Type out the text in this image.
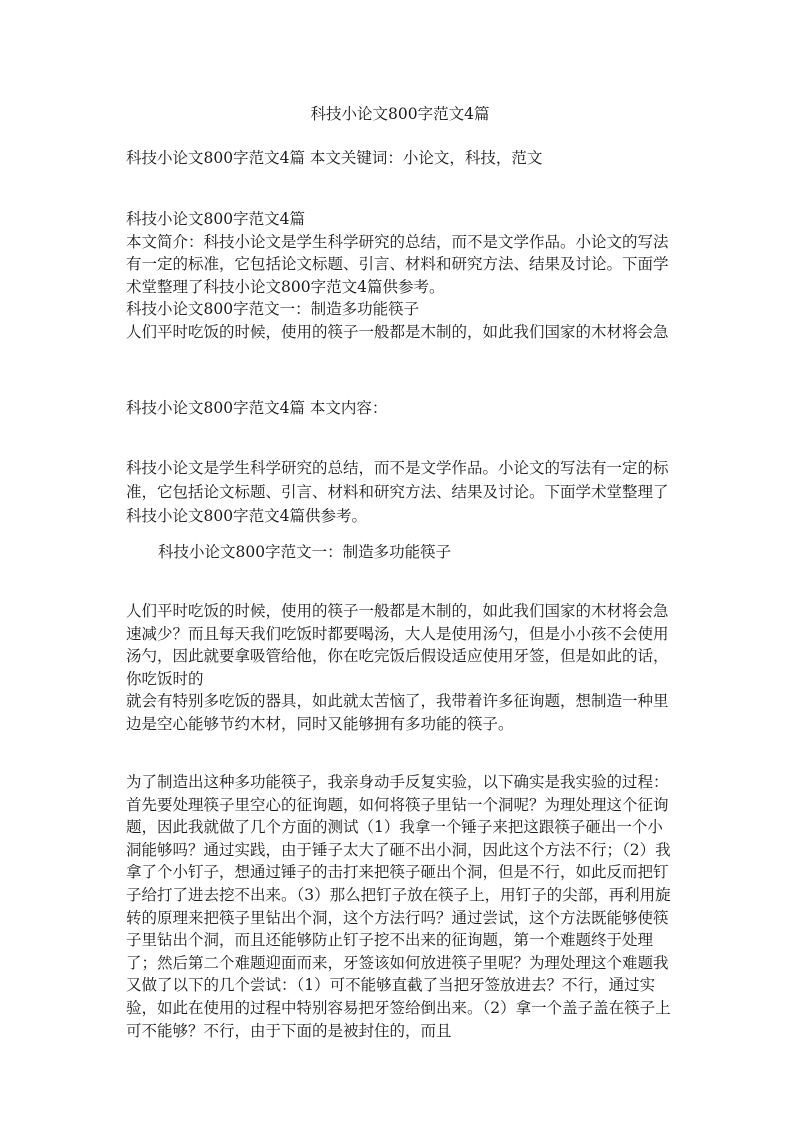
科技小论文800字范文4篇

科技小论文800字范文4篇 本文关键词：小论文，科技，范文

科技小论文800字范文4篇

本文简介：科技小论文是学生科学研究的总结，而不是文学作品。小论文的写法有一定的标准，它包括论文标题、引言、材料和研究方法、结果及讨论。下面学术堂整理了科技小论文800字范文4篇供参考。

科技小论文800字范文一：制造多功能筷子

人们平时吃饭的时候，使用的筷子一般都是木制的，如此我们国家的木材将会急

科技小论文800字范文4篇 本文内容：

科技小论文是学生科学研究的总结，而不是文学作品。小论文的写法有一定的标准，它包括论文标题、引言、材料和研究方法、结果及讨论。下面学术堂整理了科技小论文800字范文4篇供参考。

科技小论文800字范文一：制造多功能筷子

人们平时吃饭的时候，使用的筷子一般都是木制的，如此我们国家的木材将会急速减少？而且每天我们吃饭时都要喝汤，大人是使用汤勺，但是小小孩不会使用汤勺，因此就要拿吸管给他，你在吃完饭后假设适应使用牙签，但是如此的话，你吃饭时的

就会有特别多吃饭的器具，如此就太苦恼了，我带着许多征询题，想制造一种里边是空心能够节约木材，同时又能够拥有多功能的筷子。

为了制造出这种多功能筷子，我亲身动手反复实验，以下确实是我实验的过程：首先要处理筷子里空心的征询题，如何将筷子里钻一个洞呢？为理处理这个征询题，因此我就做了几个方面的测试（1）我拿一个锤子来把这跟筷子砸出一个小洞能够吗？通过实践，由于锤子太大了砸不出小洞，因此这个方法不行；（2）我拿了个小钉子，想通过锤子的击打来把筷子砸出个洞，但是不行，如此反而把钉子给打了进去挖不出来。（3）那么把钉子放在筷子上，用钉子的尖部，再利用旋转的原理来把筷子里钻出个洞，这个方法行吗？通过尝试，这个方法既能够使筷子里钻出个洞，而且还能够防止钉子挖不出来的征询题，第一个难题终于处理了；然后第二个难题迎面而来，牙签该如何放进筷子里呢？为理处理这个难题我又做了以下的几个尝试：（1）可不能够直截了当把牙签放进去？不行，通过实验，如此在使用的过程中特别容易把牙签给倒出来。（2）拿一个盖子盖在筷子上可不能够？不行，由于下面的是被封住的，而且
